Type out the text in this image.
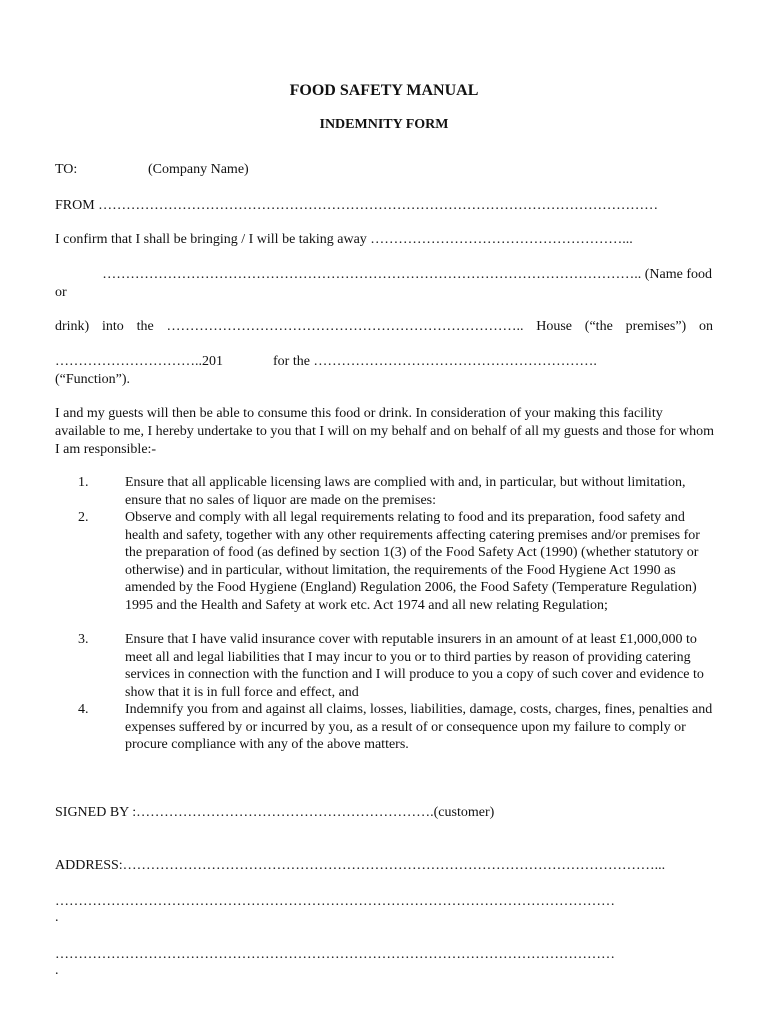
FOOD SAFETY MANUAL
INDEMNITY FORM
TO:	(Company Name)
FROM …………………………………………………………………………………………………………
I confirm that I shall be bringing / I will be taking away ………………………………………………...
…………………………………………………………………………………………………….. (Name food
or
drink) into the ………………………………………………………………….. House (“the premises”) on
…………………………..201	for the …………………………………………………….
(“Function”).
I and my guests will then be able to consume this food or drink. In consideration of your making this facility available to me, I hereby undertake to you that I will on my behalf and on behalf of all my guests and those for whom I am responsible:-
1.	Ensure that all applicable licensing laws are complied with and, in particular, but without limitation, ensure that no sales of liquor are made on the premises:
2.	Observe and comply with all legal requirements relating to food and its preparation, food safety and health and safety, together with any other requirements affecting catering premises and/or premises for the preparation of food (as defined by section 1(3) of the Food Safety Act (1990) (whether statutory or otherwise) and in particular, without limitation, the requirements of the Food Hygiene Act 1990 as amended by the Food Hygiene (England) Regulation 2006, the Food Safety (Temperature Regulation) 1995 and the Health and Safety at work etc. Act 1974 and all new relating Regulation;
3.	Ensure that I have valid insurance cover with reputable insurers in an amount of at least £1,000,000 to meet all and legal liabilities that I may incur to you or to third parties by reason of providing catering services in connection with the function and I will produce to you a copy of such cover and evidence to show that it is in full force and effect, and
4.	Indemnify you from and against all claims, losses, liabilities, damage, costs, charges, fines, penalties and expenses suffered by or incurred by you, as a result of or consequence upon my failure to comply or procure compliance with any of the above matters.
SIGNED BY :……………………………………………………….(customer)
ADDRESS:……………………………………………………………………………………………………...
…………………………………………………………………………………………………………
.
…………………………………………………………………………………………………………
.
